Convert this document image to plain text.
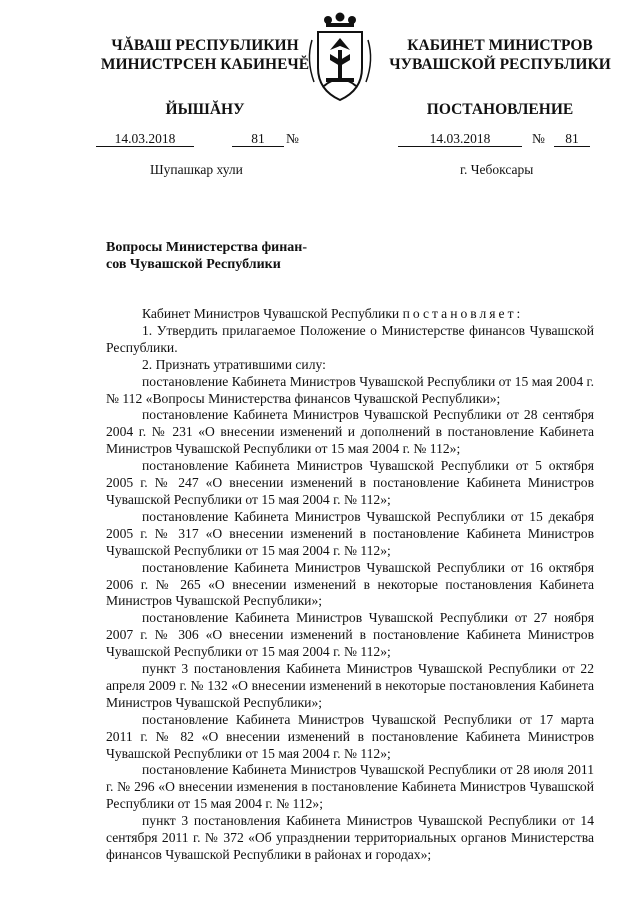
ЧĂВАШ РЕСПУБЛИКИН
МИНИСТРСЕН КАБИНЕЧĔ
ЙЫШĂНУ
КАБИНЕТ МИНИСТРОВ
ЧУВАШСКОЙ РЕСПУБЛИКИ
ПОСТАНОВЛЕНИЕ
14.03.2018	81	№	14.03.2018	№	81
Шупашкар хули	г. Чебоксары
Вопросы Министерства финан-
сов Чувашской Республики

Кабинет Министров Чувашской Республики постановляет:

1. Утвердить прилагаемое Положение о Министерстве финансов Чувашской Республики.

2. Признать утратившими силу:

постановление Кабинета Министров Чувашской Республики от 15 мая 2004 г. № 112 «Вопросы Министерства финансов Чувашской Республики»;

постановление Кабинета Министров Чувашской Республики от 28 сентября 2004 г. № 231 «О внесении изменений и дополнений в постановление Кабинета Министров Чувашской Республики от 15 мая 2004 г. № 112»;

постановление Кабинета Министров Чувашской Республики от 5 октября 2005 г. № 247 «О внесении изменений в постановление Кабинета Министров Чувашской Республики от 15 мая 2004 г. № 112»;

постановление Кабинета Министров Чувашской Республики от 15 декабря 2005 г. № 317 «О внесении изменений в постановление Кабинета Министров Чувашской Республики от 15 мая 2004 г. № 112»;

постановление Кабинета Министров Чувашской Республики от 16 октября 2006 г. № 265 «О внесении изменений в некоторые постановления Кабинета Министров Чувашской Республики»;

постановление Кабинета Министров Чувашской Республики от 27 ноября 2007 г. № 306 «О внесении изменений в постановление Кабинета Министров Чувашской Республики от 15 мая 2004 г. № 112»;

пункт 3 постановления Кабинета Министров Чувашской Республики от 22 апреля 2009 г. № 132 «О внесении изменений в некоторые постановления Кабинета Министров Чувашской Республики»;

постановление Кабинета Министров Чувашской Республики от 17 марта 2011 г. № 82 «О внесении изменений в постановление Кабинета Министров Чувашской Республики от 15 мая 2004 г. № 112»;

постановление Кабинета Министров Чувашской Республики от 28 июля 2011 г. № 296 «О внесении изменения в постановление Кабинета Министров Чувашской Республики от 15 мая 2004 г. № 112»;

пункт 3 постановления Кабинета Министров Чувашской Республики от 14 сентября 2011 г. № 372 «Об упразднении территориальных органов Министерства финансов Чувашской Республики в районах и городах»;
